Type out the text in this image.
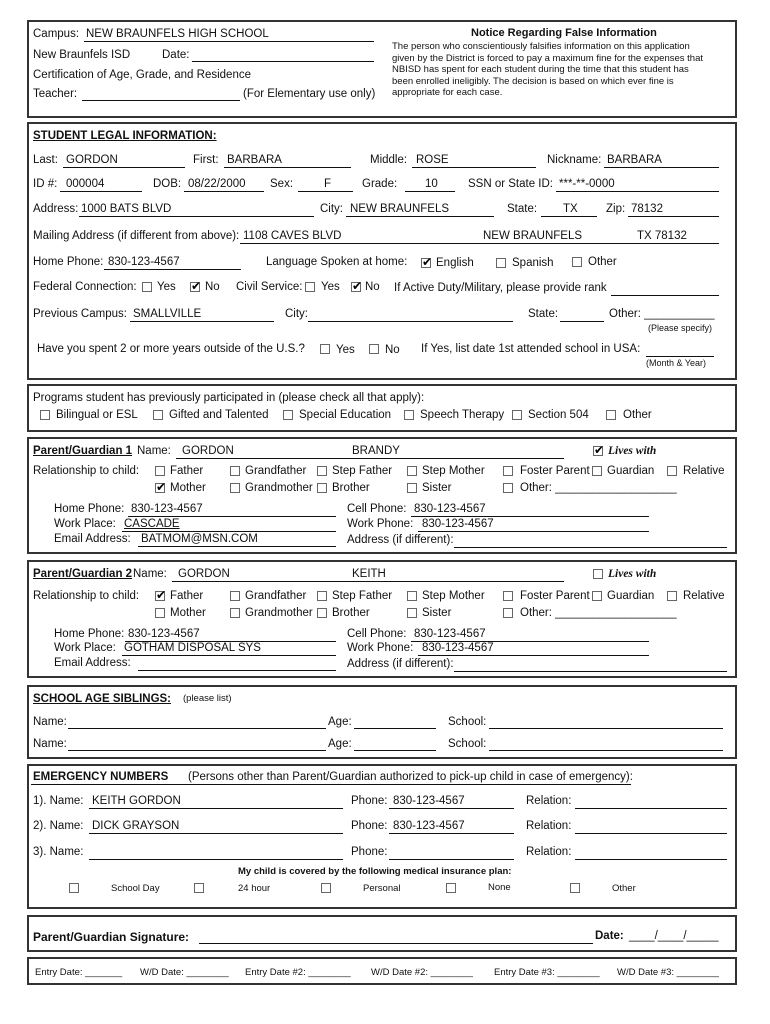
Campus: NEW BRAUNFELS HIGH SCHOOL
New Braunfels ISD	Date:
Certification of Age, Grade, and Residence
Teacher:	(For Elementary use only)
Notice Regarding False Information
The person who conscientiously falsifies information on this application
given by the District is forced to pay a maximum fine for the expenses that
NBISD has spent for each student during the time that this student has
been enrolled ineligibly. The decision is based on which ever fine is
appropriate for each case.
STUDENT LEGAL INFORMATION:
Last: GORDON	First: BARBARA	Middle: ROSE	Nickname: BARBARA
ID #: 000004	DOB: 08/22/2000 Sex:	F	Grade: 10	SSN or State ID: ***-**-0000
Address: 1000 BATS BLVD	City: NEW BRAUNFELS	State: TX Zip: 78132
Mailing Address (if different from above): 1108 CAVES BLVD	NEW BRAUNFELS	TX 78132
Home Phone: 830-123-4567	Language Spoken at home: ✔ English	Spanish	Other
Federal Connection: Yes ✔	No Civil Service: Yes ✔ No If Active Duty/Military, please provide rank
Previous Campus: SMALLVILLE	City:	State:	Other: ___________
(Please specify)
Have you spent 2 or more years outside of the U.S.?	Yes	No If Yes, list date 1st attended school in USA:
(Month & Year)
Programs student has previously participated in (please check all that apply):
Bilingual or ESL	Gifted and Talented	Special Education	Speech Therapy Section 504	Other
Parent/Guardian 1 Name: GORDON	BRANDY ✔	Lives with
Relationship to child:	Father	Grandfather Step Father	Step Mother	Foster Parent Guardian Relative
✔
Mother	Grandmother Brother	Sister	Other: ___________________
Home Phone: 830-123-4567
Work Place: CASCADE
Email Address: BATMOM@MSN.COM
Cell Phone: 830-123-4567
Work Phone: 830-123-4567
Address (if different):
Parent/Guardian 2 Name: GORDON	KEITH	Lives with
Relationship to child: ✔	Father	Grandfather Step Father	Step Mother	Foster Parent Guardian Relative
Mother	Grandmother Brother	Sister	Other: ___________________
Home Phone: 830-123-4567
Work Place: GOTHAM DISPOSAL SYS
Email Address:
Cell Phone: 830-123-4567
Work Phone: 830-123-4567
Address (if different):
SCHOOL AGE SIBLINGS: (please list)
Name:	Age:	School:
Name:	Age:	School:
EMERGENCY NUMBERS (Persons other than Parent/Guardian authorized to pick-up child in case of emergency):
1). Name: KEITH GORDON	Phone: 830-123-4567	Relation:
2). Name: DICK GRAYSON	Phone: 830-123-4567	Relation:
3). Name:	Phone:	Relation:
My child is covered by the following medical insurance plan:
School Day	24 hour	Personal	None	Other
Parent/Guardian Signature:	Date: ____/____/_____
Entry Date: _______ W/D Date: ________ Entry Date #2: ________ W/D Date #2: ________ Entry Date #3: ________ W/D Date #3: ________
